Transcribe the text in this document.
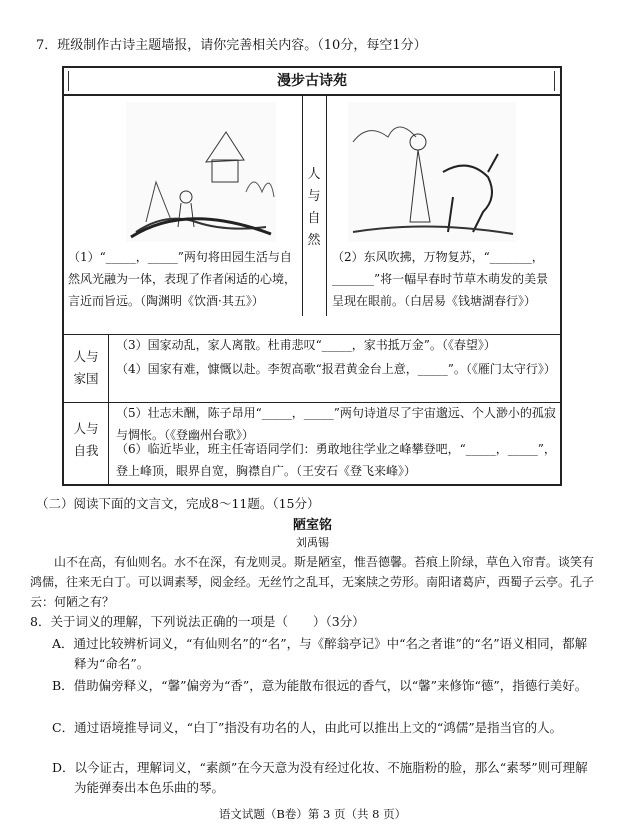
7．班级制作古诗主题墙报，请你完善相关内容。（10分，每空1分）
漫步古诗苑
人
与
自
然
（1）“_____，_____”两句将田园生活与自然风光融为一体，表现了作者闲适的心境，言近而旨远。（陶渊明《饮酒·其五》）
（2）东风吹拂，万物复苏，“_______，_______”将一幅早春时节草木萌发的美景呈现在眼前。（白居易《钱塘湖春行》）
人与
家国
（3）国家动乱，家人离散。杜甫悲叹“_____，家书抵万金”。（《春望》）
（4）国家有难，慷慨以赴。李贺高歌“报君黄金台上意，_____”。（《雁门太守行》）
人与
自我
（5）壮志未酬，陈子昂用“_____，_____”两句诗道尽了宇宙邈远、个人渺小的孤寂与惆怅。（《登幽州台歌》）
（6）临近毕业，班主任寄语同学们：勇敢地往学业之峰攀登吧，“_____，_____”，登上峰顶，眼界自宽，胸襟自广。（王安石《登飞来峰》）
（二）阅读下面的文言文，完成8～11题。（15分）
陋室铭
刘禹锡
山不在高，有仙则名。水不在深，有龙则灵。斯是陋室，惟吾德馨。苔痕上阶绿，草色入帘青。谈笑有鸿儒，往来无白丁。可以调素琴，阅金经。无丝竹之乱耳，无案牍之劳形。南阳诸葛庐，西蜀子云亭。孔子云：何陋之有？
8．关于词义的理解，下列说法正确的一项是（　　）（3分）
A．通过比较辨析词义，“有仙则名”的“名”，与《醉翁亭记》中“名之者谁”的“名”语义相同，都解释为“命名”。
B．借助偏旁释义，“馨”偏旁为“香”，意为能散布很远的香气，以“馨”来修饰“德”，指德行美好。
C．通过语境推导词义，“白丁”指没有功名的人，由此可以推出上文的“鸿儒”是指当官的人。
D．以今证古，理解词义，“素颜”在今天意为没有经过化妆、不施脂粉的脸，那么“素琴”则可理解为能弹奏出本色乐曲的琴。
语文试题（B卷）第 3 页（共 8 页）
